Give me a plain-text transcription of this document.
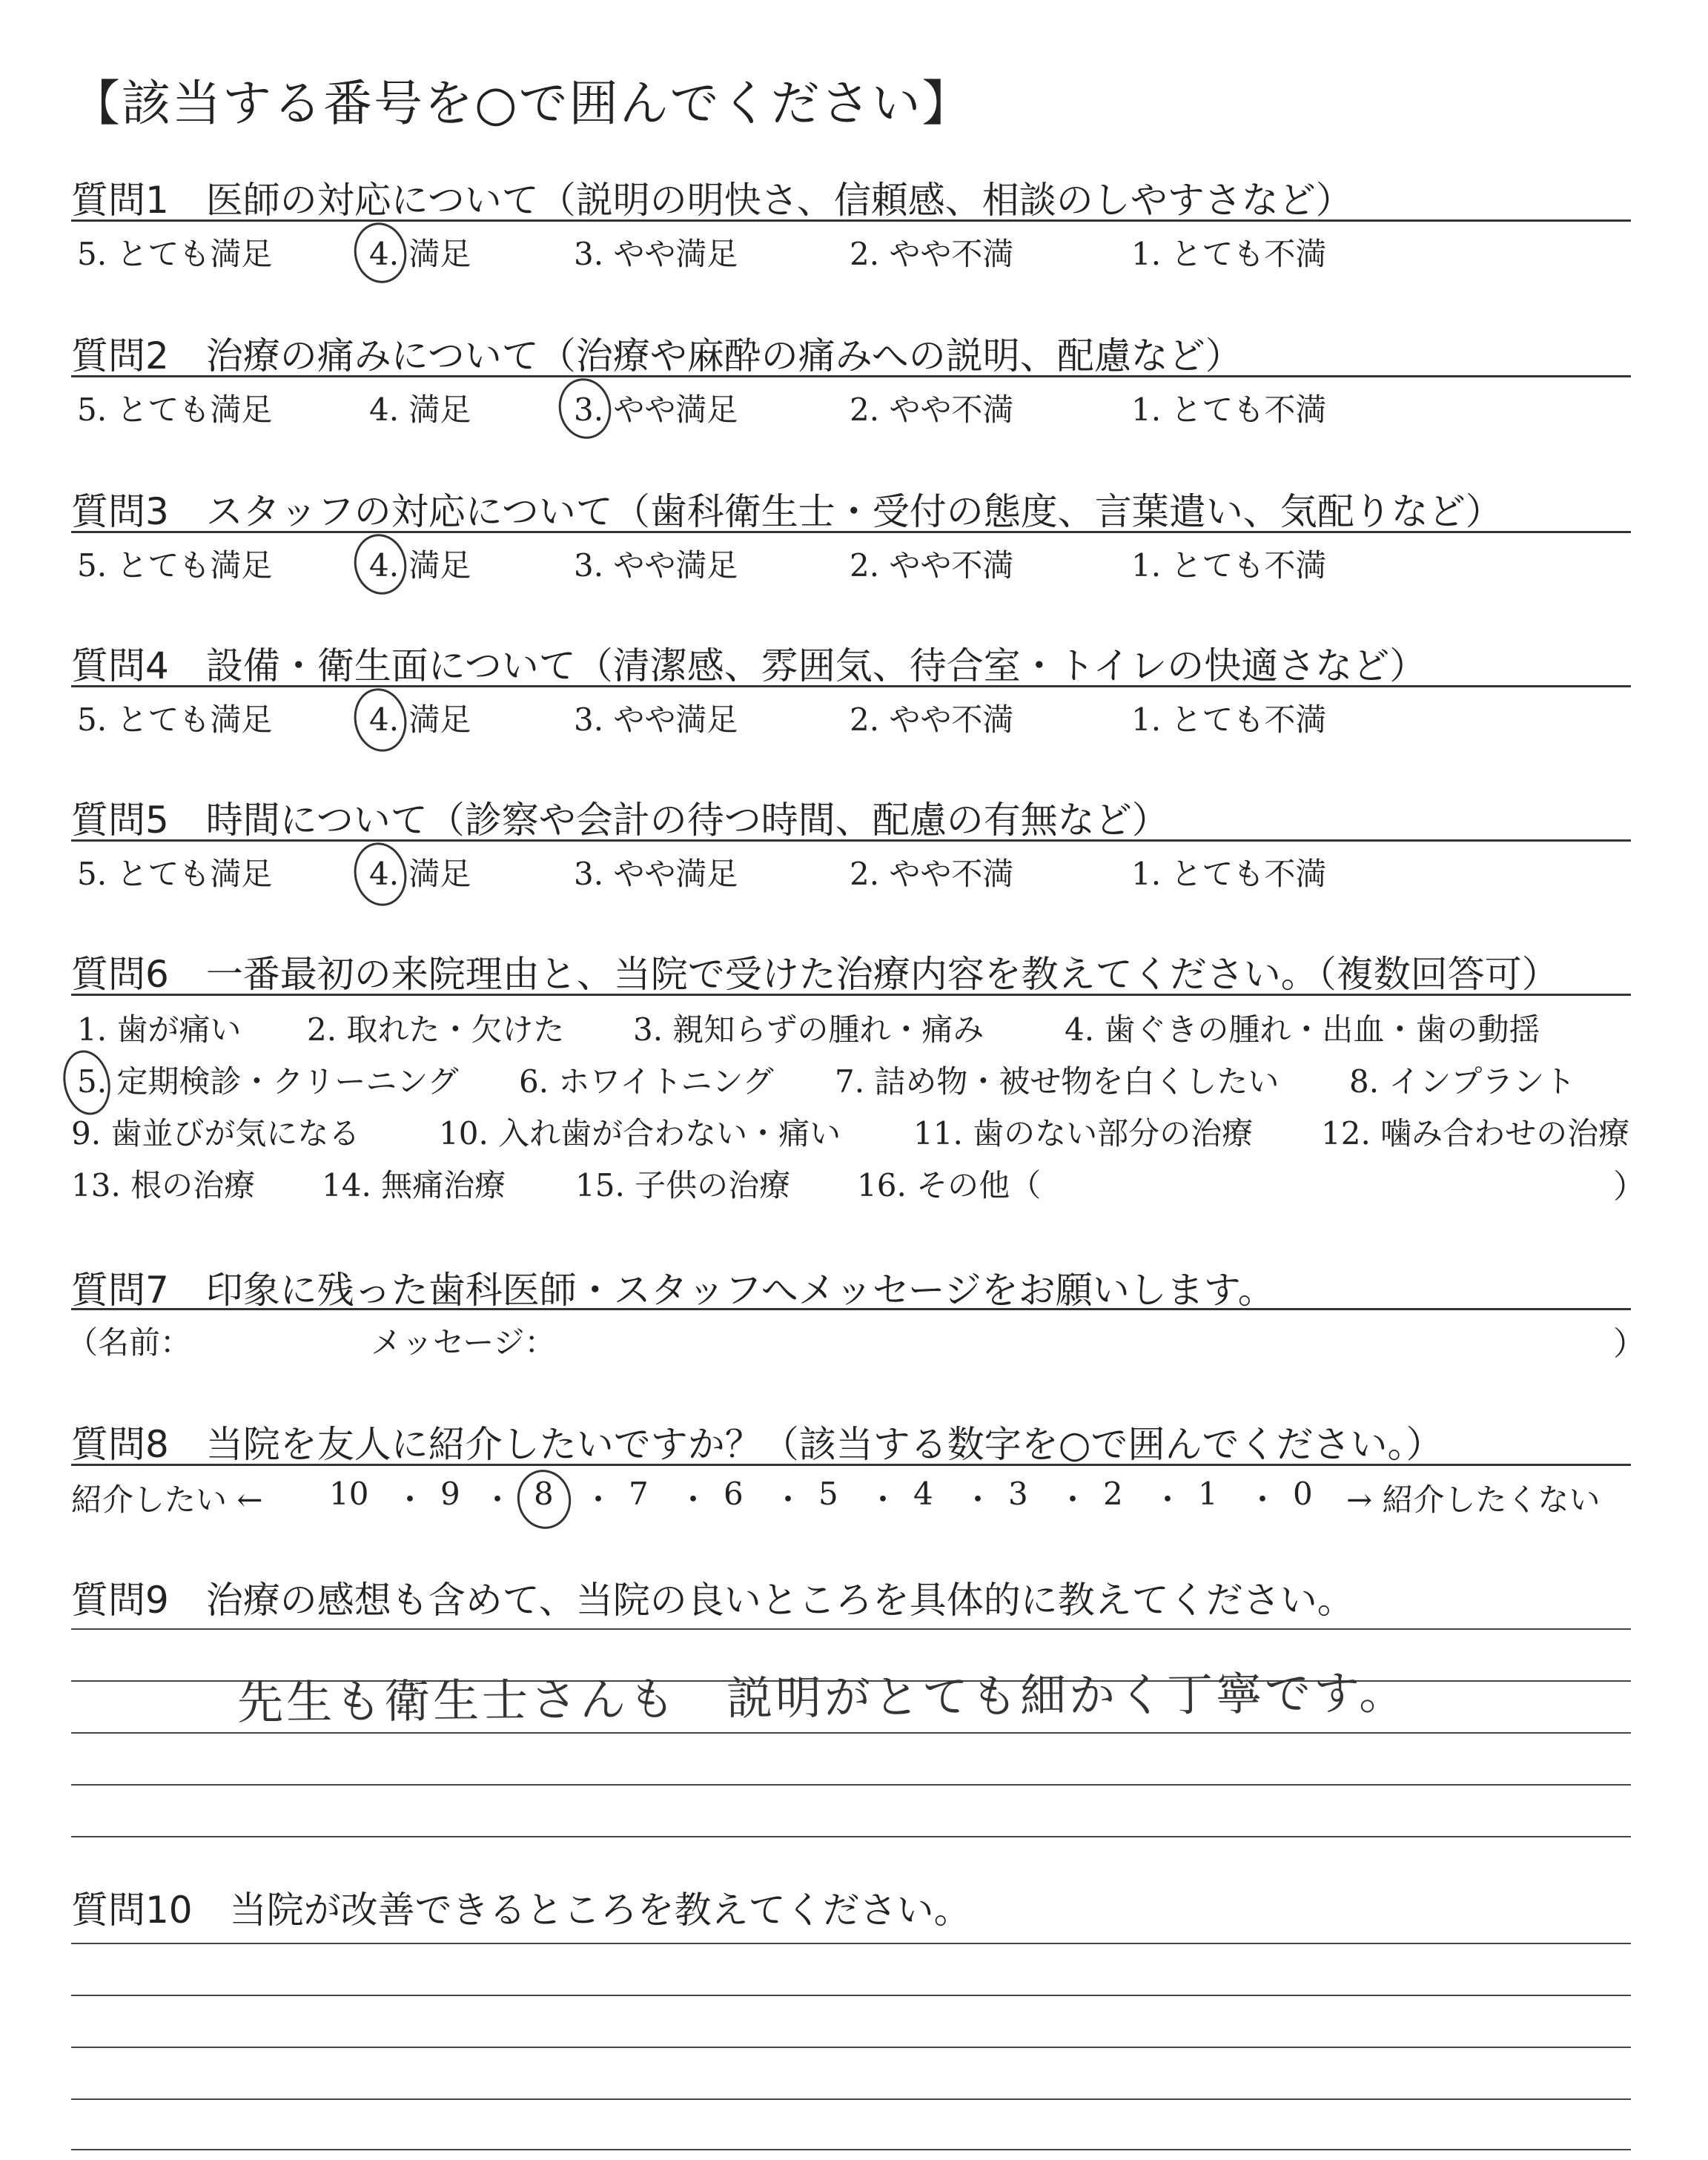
【該当する番号を○で囲んでください】
質問1　医師の対応について（説明の明快さ、信頼感、相談のしやすさなど）
5. とても満足	4. 満足	3. やや満足	2. やや不満	1. とても不満
質問2　治療の痛みについて（治療や麻酔の痛みへの説明、配慮など）
5. とても満足	4. 満足	3. やや満足	2. やや不満	1. とても不満
質問3　スタッフの対応について（歯科衛生士・受付の態度、言葉遣い、気配りなど）
5. とても満足	4. 満足	3. やや満足	2. やや不満	1. とても不満
質問4　設備・衛生面について（清潔感、雰囲気、待合室・トイレの快適さなど）
5. とても満足	4. 満足	3. やや満足	2. やや不満	1. とても不満
質問5　時間について（診察や会計の待つ時間、配慮の有無など）
5. とても満足	4. 満足	3. やや満足	2. やや不満	1. とても不満
質問6　一番最初の来院理由と、当院で受けた治療内容を教えてください。（複数回答可）
1. 歯が痛い 2. 取れた・欠けた 3. 親知らずの腫れ・痛み	4. 歯ぐきの腫れ・出血・歯の動揺
5. 定期検診・クリーニング 6. ホワイトニング 7. 詰め物・被せ物を白くしたい 8. インプラント
9. 歯並びが気になる	10. 入れ歯が合わない・痛い 11. 歯のない部分の治療 12. 噛み合わせの治療
13. 根の治療 14. 無痛治療 15. 子供の治療 16. その他（	）
質問7　印象に残った歯科医師・スタッフへメッセージをお願いします。
（名前：	メッセージ：	）
質問8　当院を友人に紹介したいですか？（該当する数字を○で囲んでください。）
紹介したい ← 10 ・ 9 ・ 8 ・ 7 ・ 6 ・ 5 ・ 4 ・ 3 ・ 2 ・ 1 ・ 0 → 紹介したくない
質問9　治療の感想も含めて、当院の良いところを具体的に教えてください。
先生も衛生士さんも　説明がとても細かく丁寧です。
質問10　当院が改善できるところを教えてください。
